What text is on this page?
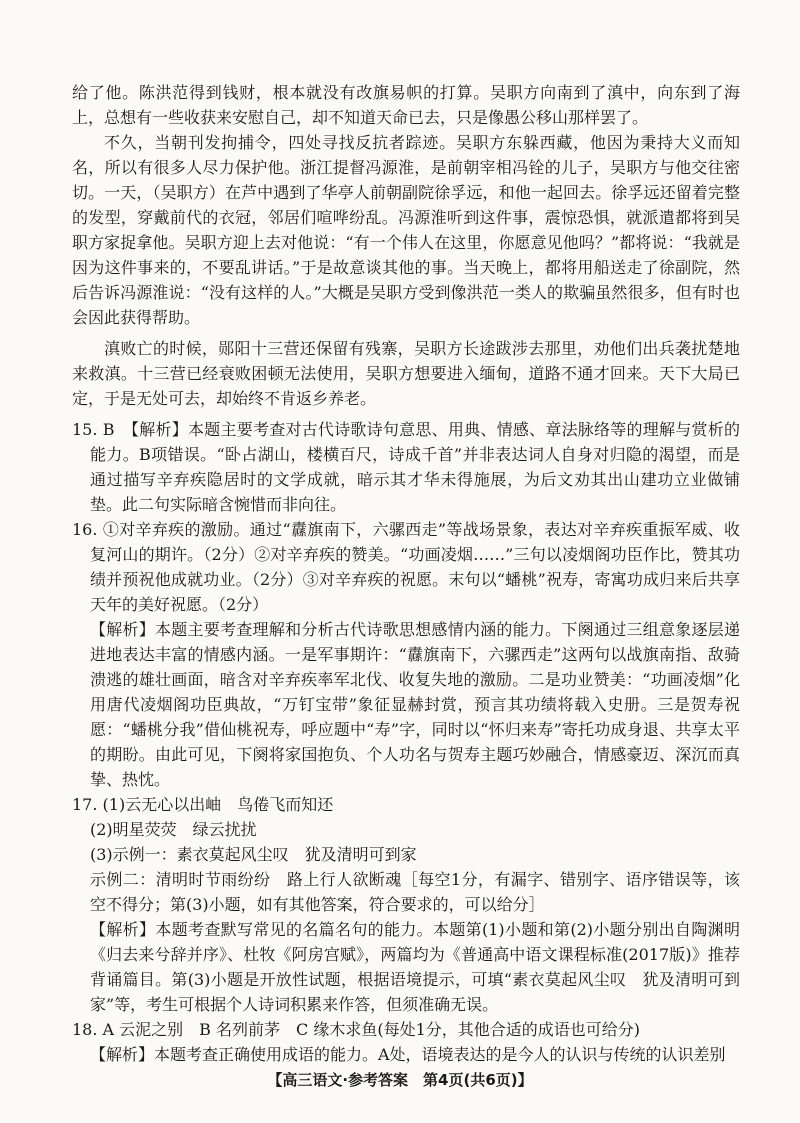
给了他。陈洪范得到钱财，根本就没有改旗易帜的打算。吴职方向南到了滇中，向东到了海上，总想有一些收获来安慰自己，却不知道天命已去，只是像愚公移山那样罢了。

不久，当朝刊发拘捕令，四处寻找反抗者踪迹。吴职方东躲西藏，他因为秉持大义而知名，所以有很多人尽力保护他。浙江提督冯源淮，是前朝宰相冯铨的儿子，吴职方与他交往密切。一天，（吴职方）在芦中遇到了华亭人前朝副院徐孚远，和他一起回去。徐孚远还留着完整的发型，穿戴前代的衣冠，邻居们喧哗纷乱。冯源淮听到这件事，震惊恐惧，就派遣都将到吴职方家捉拿他。吴职方迎上去对他说：“有一个伟人在这里，你愿意见他吗？”都将说：“我就是因为这件事来的，不要乱讲话。”于是故意谈其他的事。当天晚上，都将用船送走了徐副院，然后告诉冯源淮说：“没有这样的人。”大概是吴职方受到像洪范一类人的欺骗虽然很多，但有时也会因此获得帮助。

滇败亡的时候，郧阳十三营还保留有残寨，吴职方长途跋涉去那里，劝他们出兵袭扰楚地来救滇。十三营已经衰败困顿无法使用，吴职方想要进入缅甸，道路不通才回来。天下大局已定，于是无处可去，却始终不肯返乡养老。

15. B　【解析】本题主要考查对古代诗歌诗句意思、用典、情感、章法脉络等的理解与赏析的能力。B项错误。“卧占湖山，楼横百尺，诗成千首”并非表达词人自身对归隐的渴望，而是通过描写辛弃疾隐居时的文学成就，暗示其才华未得施展，为后文劝其出山建功立业做铺垫。此二句实际暗含惋惜而非向往。

16. ①对辛弃疾的激励。通过“纛旗南下，六骡西走”等战场景象，表达对辛弃疾重振军威、收复河山的期许。（2分）②对辛弃疾的赞美。“功画凌烟……”三句以凌烟阁功臣作比，赞其功绩并预祝他成就功业。（2分）③对辛弃疾的祝愿。末句以“蟠桃”祝寿，寄寓功成归来后共享天年的美好祝愿。（2分）

【解析】本题主要考查理解和分析古代诗歌思想感情内涵的能力。下阕通过三组意象逐层递进地表达丰富的情感内涵。一是军事期许：“纛旗南下，六骡西走”这两句以战旗南指、敌骑溃逃的雄壮画面，暗含对辛弃疾率军北伐、收复失地的激励。二是功业赞美：“功画凌烟”化用唐代凌烟阁功臣典故，“万钉宝带”象征显赫封赏，预言其功绩将载入史册。三是贺寿祝愿：“蟠桃分我”借仙桃祝寿，呼应题中“寿”字，同时以“怀归来寿”寄托功成身退、共享太平的期盼。由此可见，下阕将家国抱负、个人功名与贺寿主题巧妙融合，情感豪迈、深沉而真挚、热忱。

17. (1)云无心以出岫　鸟倦飞而知还

(2)明星荧荧　绿云扰扰

(3)示例一：素衣莫起风尘叹　犹及清明可到家

示例二：清明时节雨纷纷　路上行人欲断魂［每空1分，有漏字、错别字、语序错误等，该空不得分；第(3)小题，如有其他答案，符合要求的，可以给分］

【解析】本题考查默写常见的名篇名句的能力。本题第(1)小题和第(2)小题分别出自陶渊明《归去来兮辞并序》、杜牧《阿房宫赋》，两篇均为《普通高中语文课程标准(2017版)》推荐背诵篇目。第(3)小题是开放性试题，根据语境提示，可填“素衣莫起风尘叹　犹及清明可到家”等，考生可根据个人诗词积累来作答，但须准确无误。

18. A 云泥之别　B 名列前茅　C 缘木求鱼(每处1分，其他合适的成语也可给分)

【解析】本题考查正确使用成语的能力。A处，语境表达的是今人的认识与传统的认识差别

【高三语文·参考答案　第4页(共6页)】
